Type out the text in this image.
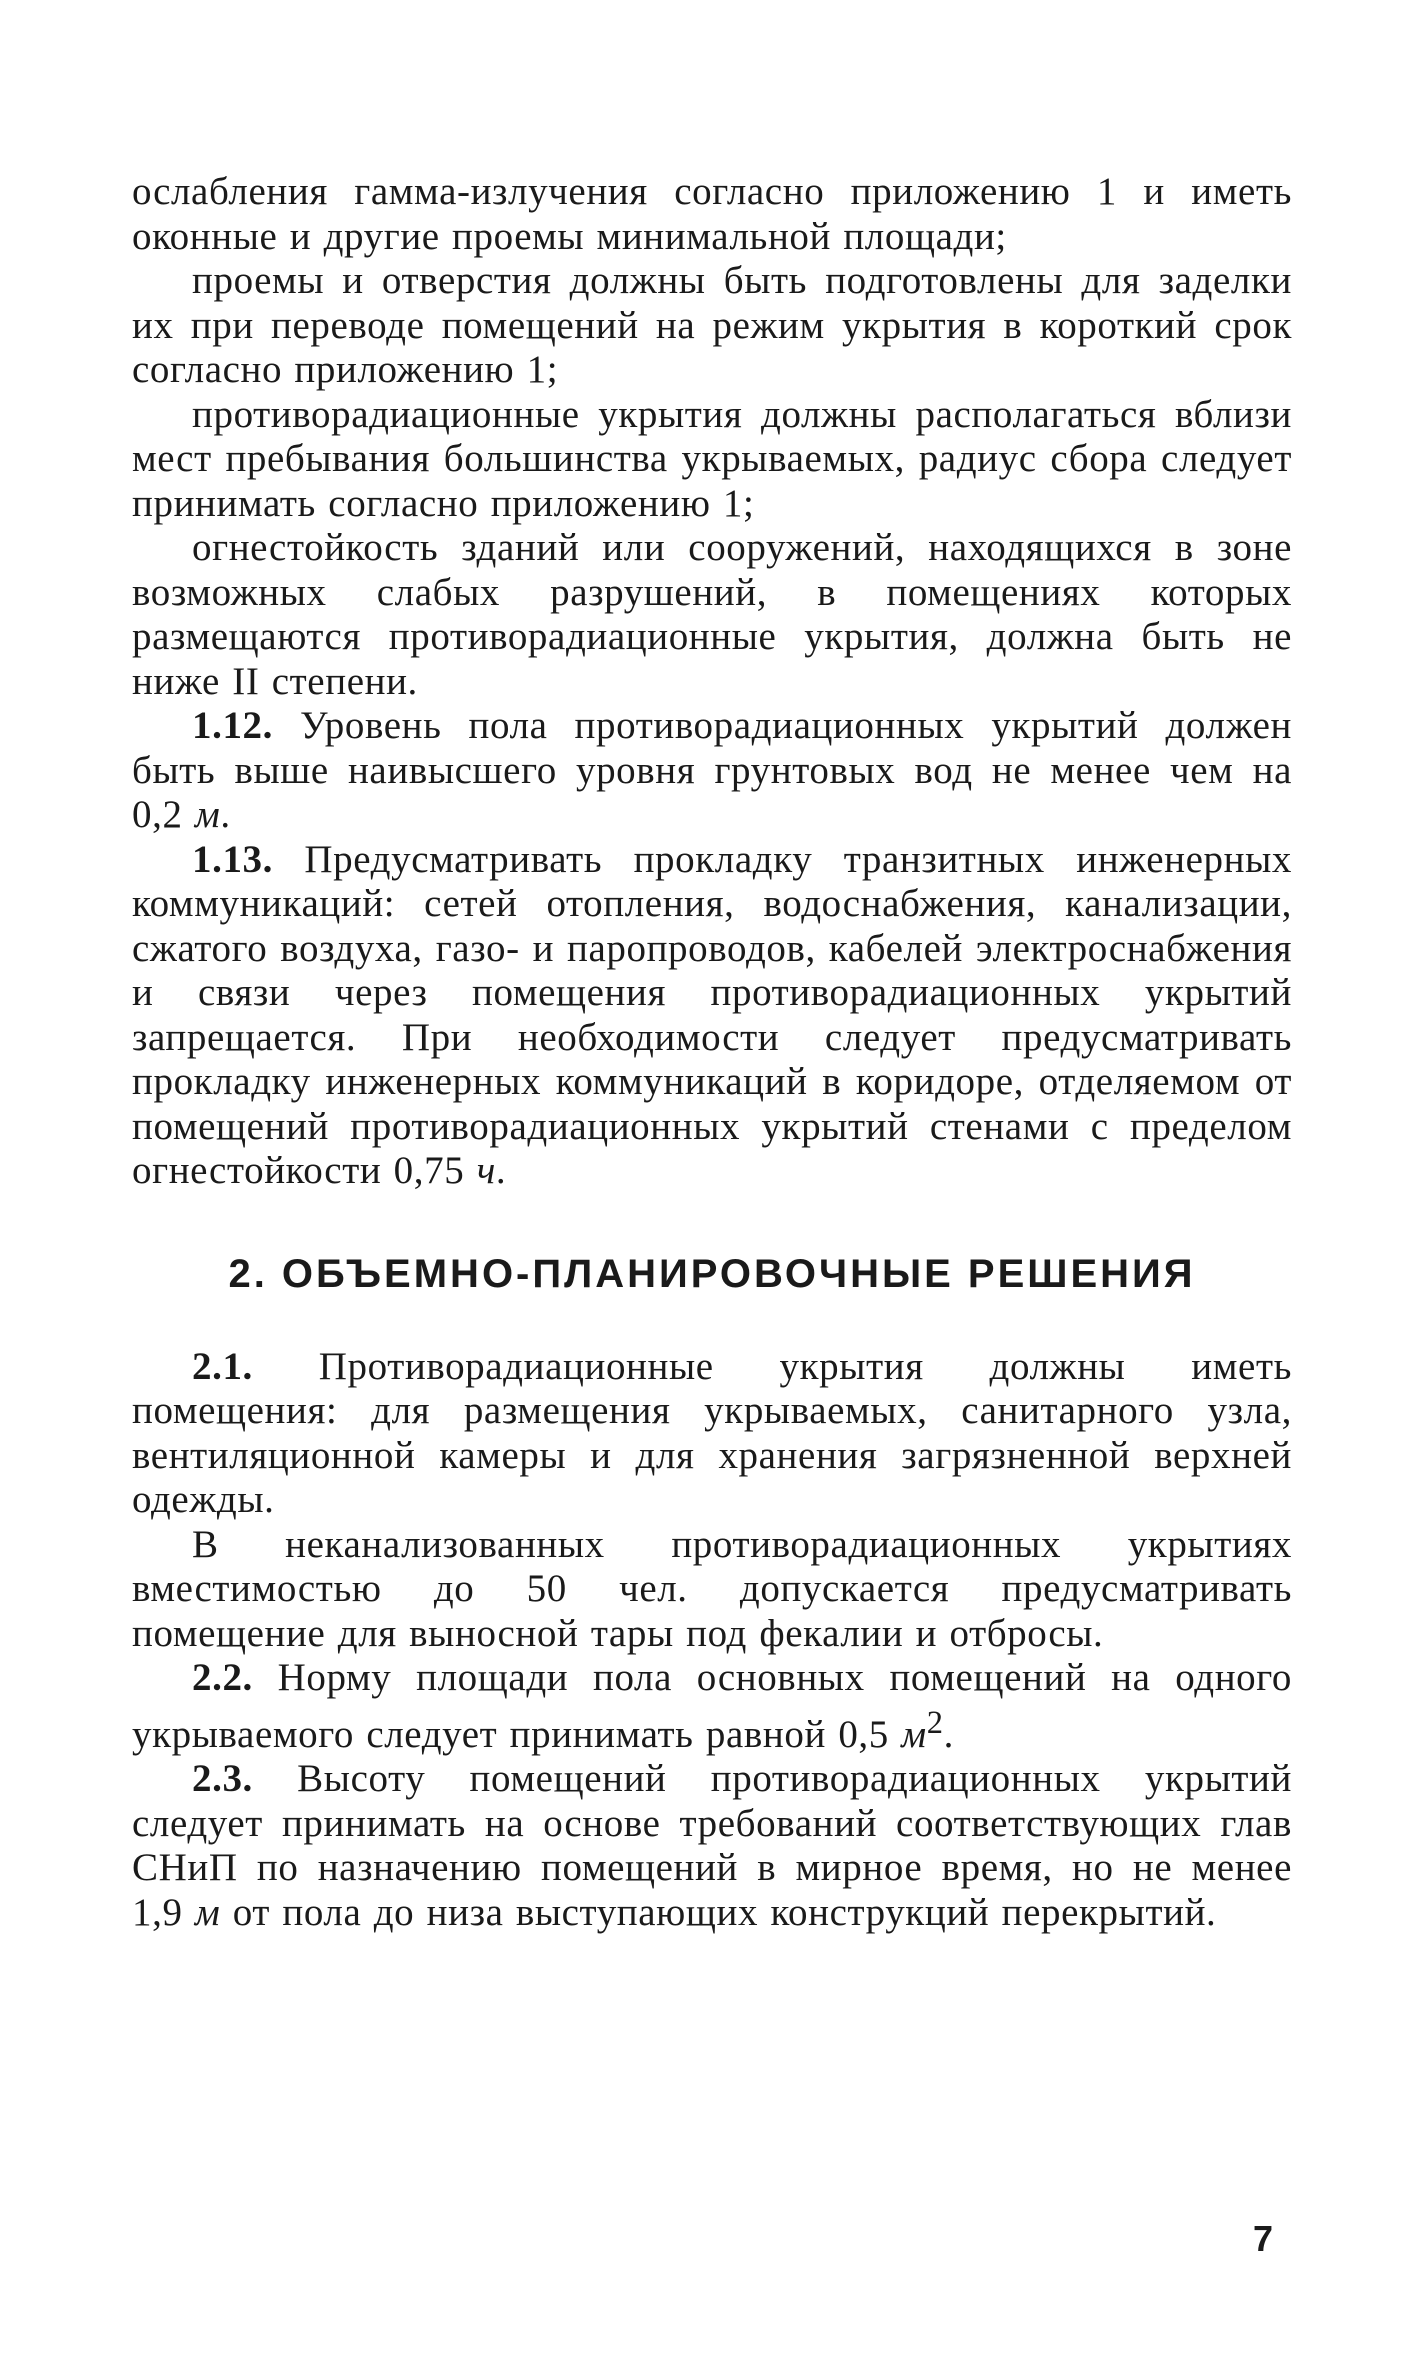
ослабления гамма-излучения согласно приложению 1 и иметь оконные и другие проемы минимальной площади;

проемы и отверстия должны быть подготовлены для заделки их при переводе помещений на режим укрытия в короткий срок согласно приложению 1;

противорадиационные укрытия должны располагаться вблизи мест пребывания большинства укрываемых, радиус сбора следует принимать согласно приложению 1;

огнестойкость зданий или сооружений, находящихся в зоне возможных слабых разрушений, в помещениях которых размещаются противорадиационные укрытия, должна быть не ниже II степени.

1.12. Уровень пола противорадиационных укрытий должен быть выше наивысшего уровня грунтовых вод не менее чем на 0,2 м.

1.13. Предусматривать прокладку транзитных инженерных коммуникаций: сетей отопления, водоснабжения, канализации, сжатого воздуха, газо- и паропроводов, кабелей электроснабжения и связи через помещения противорадиационных укрытий запрещается. При необходимости следует предусматривать прокладку инженерных коммуникаций в коридоре, отделяемом от помещений противорадиационных укрытий стенами с пределом огнестойкости 0,75 ч.

2. ОБЪЕМНО-ПЛАНИРОВОЧНЫЕ РЕШЕНИЯ

2.1. Противорадиационные укрытия должны иметь помещения: для размещения укрываемых, санитарного узла, вентиляционной камеры и для хранения загрязненной верхней одежды.

В неканализованных противорадиационных укрытиях вместимостью до 50 чел. допускается предусматривать помещение для выносной тары под фекалии и отбросы.

2.2. Норму площади пола основных помещений на одного укрываемого следует принимать равной 0,5 $м^2$.

2.3. Высоту помещений противорадиационных укрытий следует принимать на основе требований соответствующих глав СНиП по назначению помещений в мирное время, но не менее 1,9 м от пола до низа выступающих конструкций перекрытий.

7
